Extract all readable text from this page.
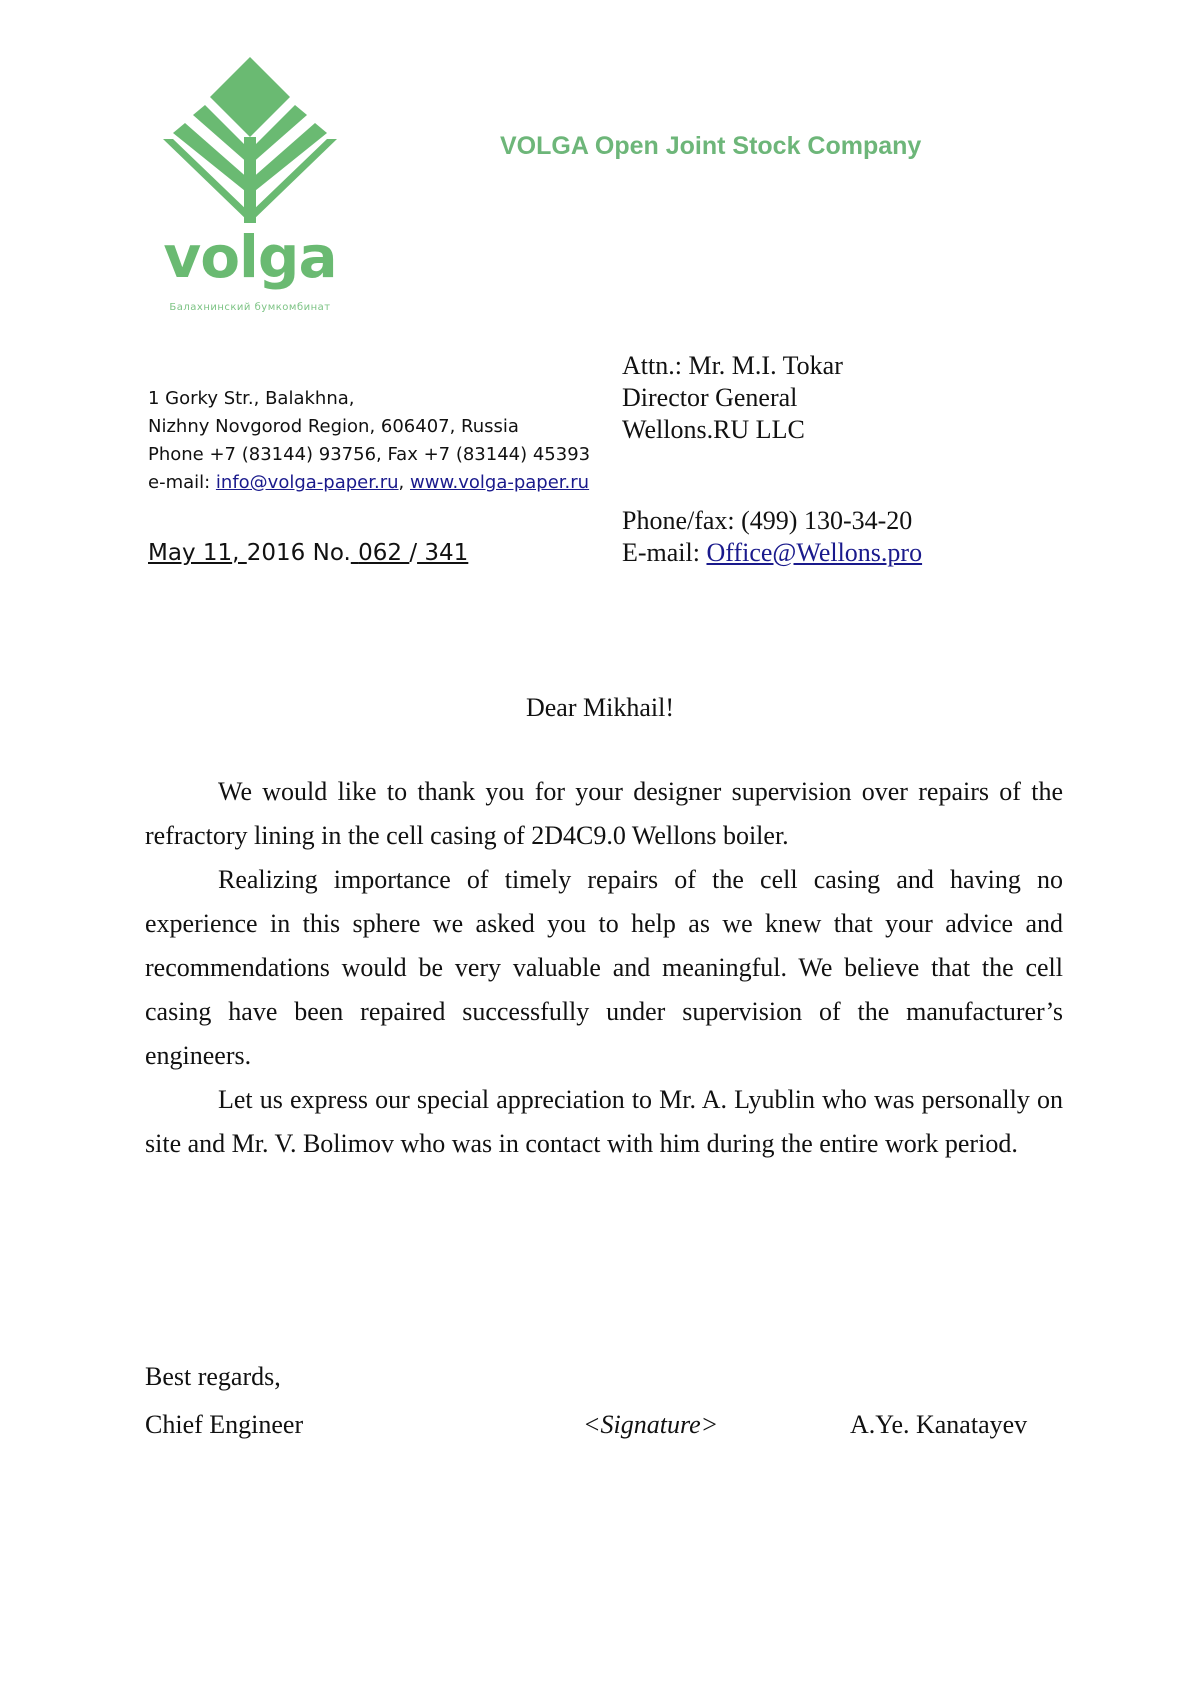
volga
Балахнинский бумкомбинат
VOLGA Open Joint Stock Company
1 Gorky Str., Balakhna,
Nizhny Novgorod Region, 606407, Russia
Phone +7 (83144) 93756, Fax +7 (83144) 45393
e-mail: info@volga-paper.ru, www.volga-paper.ru
May 11, 2016 No. 062 / 341
Attn.: Mr. M.I. Tokar
Director General
Wellons.RU LLC
Phone/fax: (499) 130-34-20
E-mail: Office@Wellons.pro
Dear Mikhail!

We would like to thank you for your designer supervision over repairs of the refractory lining in the cell casing of 2D4C9.0 Wellons boiler.

Realizing importance of timely repairs of the cell casing and having no experience in this sphere we asked you to help as we knew that your advice and recommendations would be very valuable and meaningful. We believe that the cell casing have been repaired successfully under supervision of the manufacturer’s engineers.

Let us express our special appreciation to Mr. A. Lyublin who was personally on site and Mr. V. Bolimov who was in contact with him during the entire work period.

Best regards,
Chief Engineer	<Signature>	A.Ye. Kanatayev
